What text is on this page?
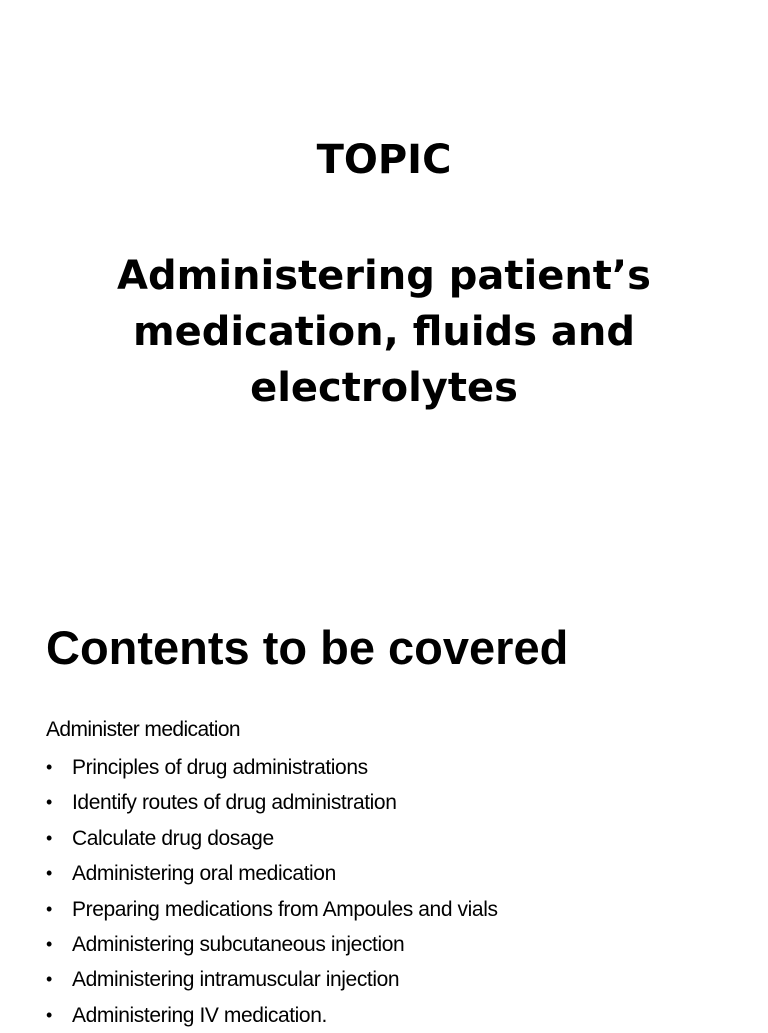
TOPIC
Administering patient’s
medication, fluids and
electrolytes
Contents to be covered

Administer medication

• Principles of drug administrations
• Identify routes of drug administration
• Calculate drug dosage
• Administering oral medication
• Preparing medications from Ampoules and vials
• Administering subcutaneous injection
• Administering intramuscular injection
• Administering IV medication.
